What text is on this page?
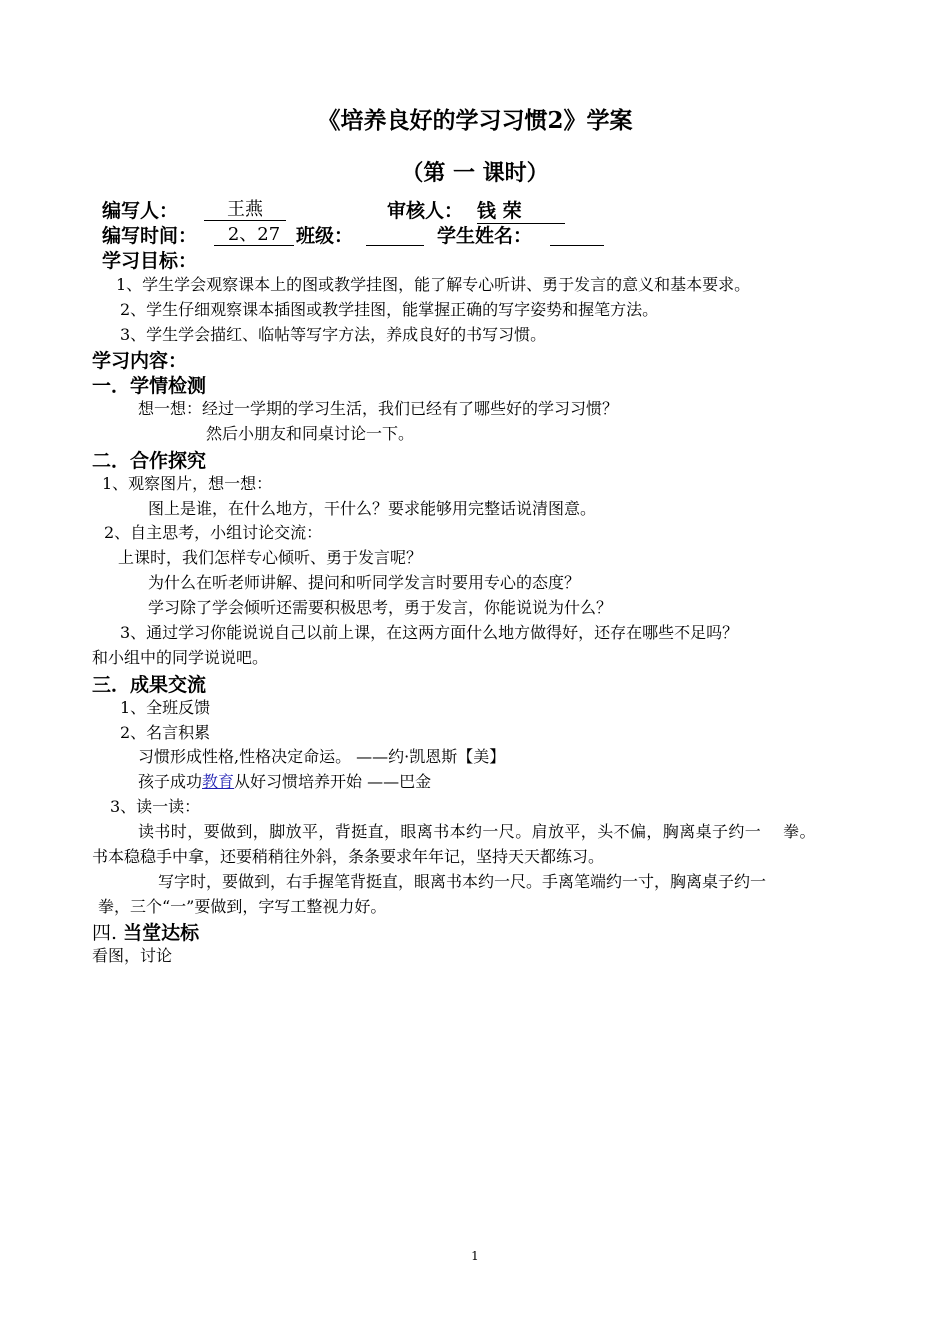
《培养良好的学习习惯2》学案
（第 一 课时）
编写人：	王燕	审核人： 钱 荣
编写时间：	2、27 班级：	学生姓名：
学习目标：
1、学生学会观察课本上的图或教学挂图，能了解专心听讲、勇于发言的意义和基本要求。
2、学生仔细观察课本插图或教学挂图，能掌握正确的写字姿势和握笔方法。
3、学生学会描红、临帖等写字方法，养成良好的书写习惯。
学习内容：
一．学情检测
想一想：经过一学期的学习生活，我们已经有了哪些好的学习习惯？
然后小朋友和同桌讨论一下。
二．合作探究
1、观察图片，想一想：
图上是谁，在什么地方，干什么？要求能够用完整话说清图意。
2、自主思考，小组讨论交流：
上课时，我们怎样专心倾听、勇于发言呢？
为什么在听老师讲解、提问和听同学发言时要用专心的态度？
学习除了学会倾听还需要积极思考，勇于发言，你能说说为什么？
3、通过学习你能说说自己以前上课，在这两方面什么地方做得好，还存在哪些不足吗？
和小组中的同学说说吧。
三．成果交流
1、全班反馈
2、名言积累
习惯形成性格,性格决定命运。 ——约·凯恩斯【美】
孩子成功教育从好习惯培养开始 ——巴金
3、读一读：
读书时，要做到，脚放平，背挺直，眼离书本约一尺。肩放平，头不偏，胸离桌子约一　 拳。
书本稳稳手中拿，还要稍稍往外斜，条条要求年年记，坚持天天都练习。
写字时，要做到，右手握笔背挺直，眼离书本约一尺。手离笔端约一寸，胸离桌子约一
拳，三个“一”要做到，字写工整视力好。
四. 当堂达标
看图，讨论
1
